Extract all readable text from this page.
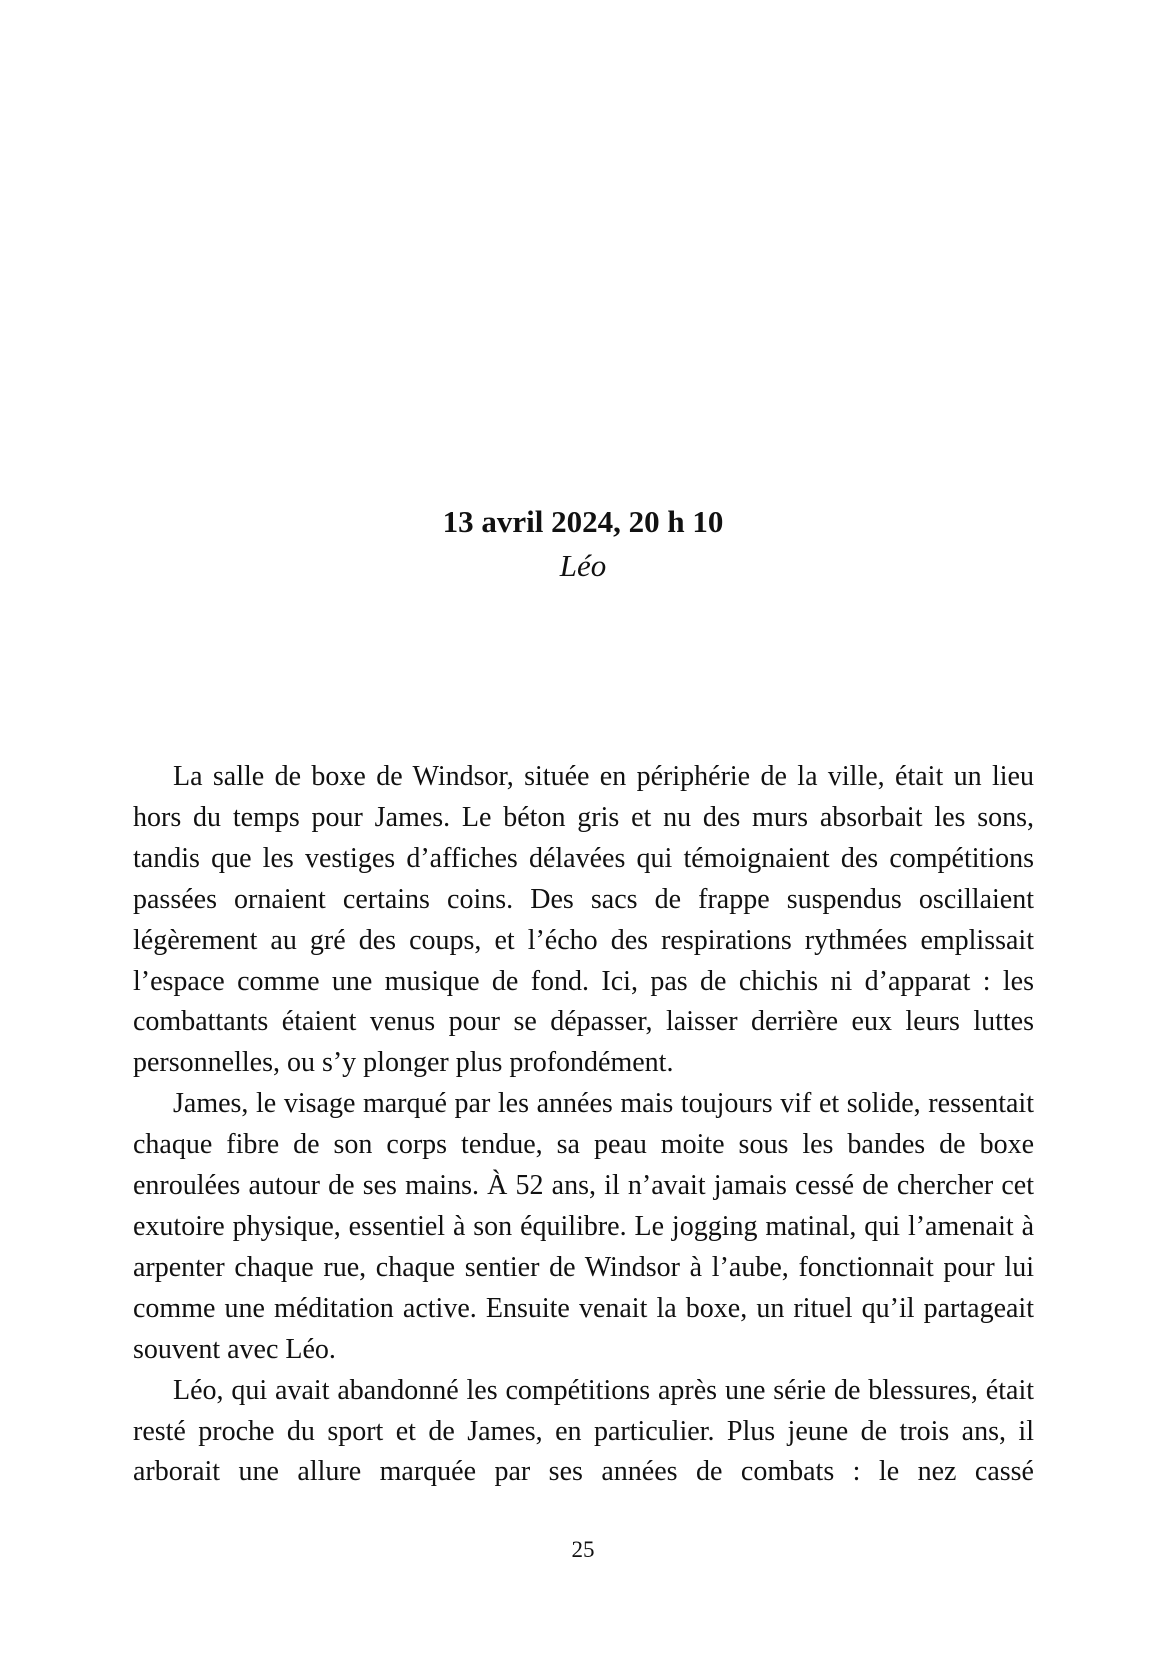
13 avril 2024, 20 h 10

Léo

La salle de boxe de Windsor, située en périphérie de la ville, était un lieu hors du temps pour James. Le béton gris et nu des murs absorbait les sons, tandis que les vestiges d’affiches délavées qui témoignaient des compétitions passées ornaient certains coins. Des sacs de frappe suspendus oscillaient légèrement au gré des coups, et l’écho des respirations rythmées emplissait l’espace comme une musique de fond. Ici, pas de chichis ni d’apparat : les combattants étaient venus pour se dépasser, laisser derrière eux leurs luttes personnelles, ou s’y plonger plus profondément.

James, le visage marqué par les années mais toujours vif et solide, ressentait chaque fibre de son corps tendue, sa peau moite sous les bandes de boxe enroulées autour de ses mains. À 52 ans, il n’avait jamais cessé de chercher cet exutoire physique, essentiel à son équilibre. Le jogging matinal, qui l’amenait à arpenter chaque rue, chaque sentier de Windsor à l’aube, fonctionnait pour lui comme une méditation active. Ensuite venait la boxe, un rituel qu’il partageait souvent avec Léo.

Léo, qui avait abandonné les compétitions après une série de blessures, était resté proche du sport et de James, en particulier. Plus jeune de trois ans, il arborait une allure marquée par ses années de combats : le nez cassé

25
